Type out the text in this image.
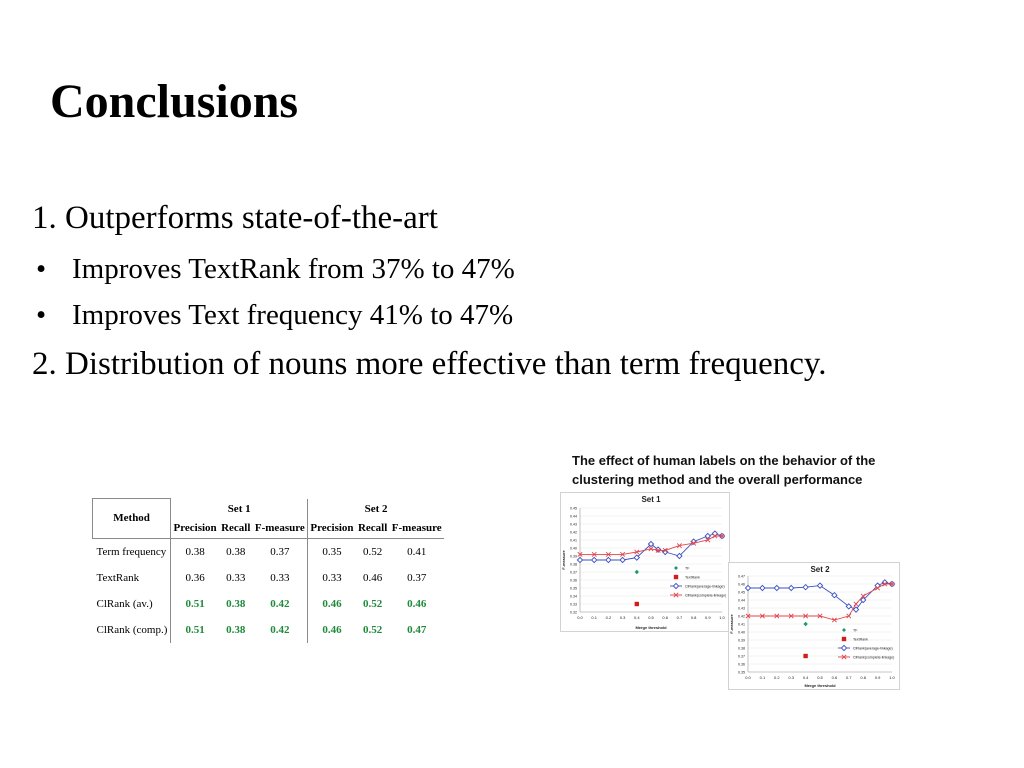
Conclusions
1. Outperforms state-of-the-art
• Improves TextRank from 37% to 47%
• Improves Text frequency 41% to 47%
2. Distribution of nouns more effective than term frequency.
Method	Set 1			Set 2		
	Precision	Recall	F-measure	Precision	Recall	F-measure
Term frequency	0.38	0.38	0.37	0.35	0.52	0.41
TextRank	0.36	0.33	0.33	0.33	0.46	0.37
ClRank (av.)	0.51	0.38	0.42	0.46	0.52	0.46
ClRank (comp.)	0.51	0.38	0.42	0.46	0.52	0.47
The effect of human labels on the behavior of the
clustering method and the overall performance
Set 1
0.32
0.33
0.34
0.35
0.36
0.37
0.38
0.39
0.40
0.41
0.42
0.43
0.44
0.45
0.0 0.1 0.2 0.3 0.4 0.5 0.6 0.7 0.8 0.9 1.0
Merge threshold
F-measure	TF
TextRank
ClRank(average-linkage)
ClRank(complete-linkage)
Set 2
0.35
0.36
0.37
0.38
0.39
0.40
0.41
0.42
0.43
0.44
0.45
0.46
0.47
0.0 0.1 0.2 0.3 0.4 0.5 0.6 0.7 0.8 0.9 1.0
Merge threshold
F-measure	TF
TextRank
ClRank(average-linkage)
ClRank(complete-linkage)
